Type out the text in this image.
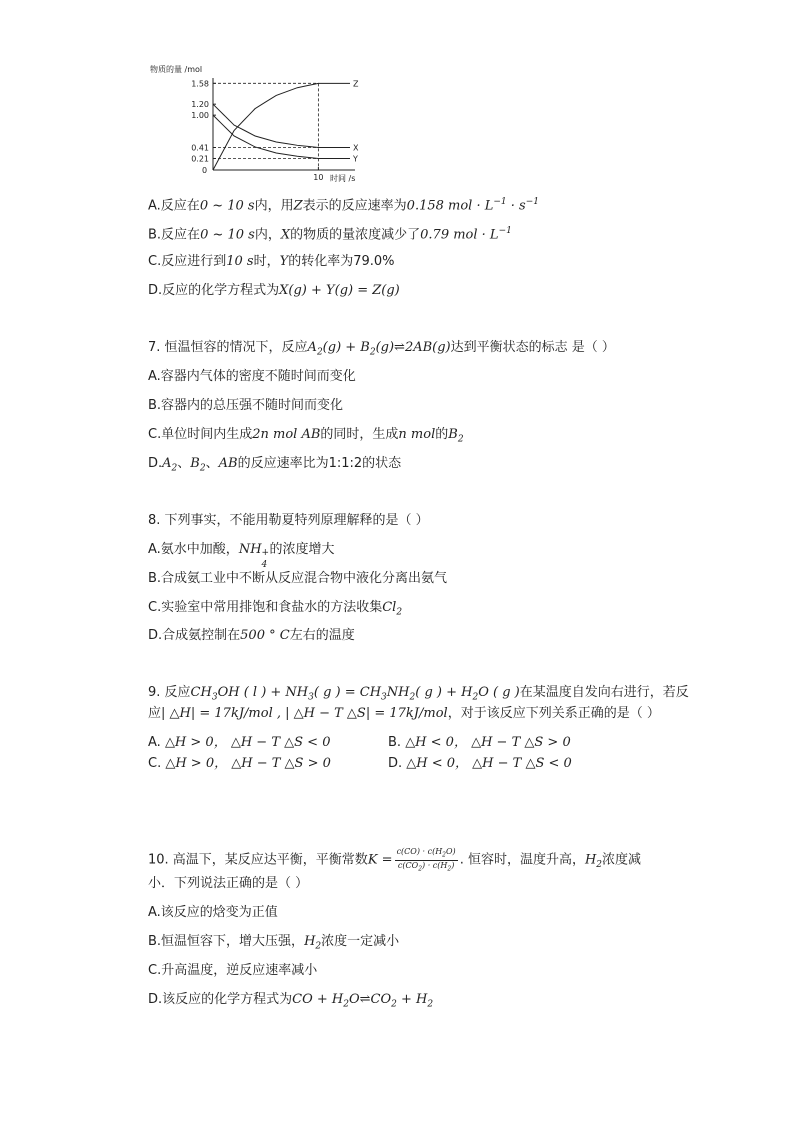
物质的量 /mol
0
时间 /s
1.58
1.20
1.00
0.41
0.21
10
Z
X
Y
A.反应在0 ~ 10 s内，用Z表示的反应速率为0.158 mol · $L^{-1} \cdot s^{-1}$
B.反应在0 ~ 10 s内，X的物质的量浓度减少了0.79 mol · $L^{-1}$
C.反应进行到10 s时，Y的转化率为79.0%
D.反应的化学方程式为X(g) + Y(g) = Z(g)
7. 恒温恒容的情况下，反应$A_2(g)$ + $B_2(g)\rightleftharpoons 2AB(g)$达到平衡状态的标志 是（ ）
A.容器内气体的密度不随时间而变化
B.容器内的总压强不随时间而变化
C.单位时间内生成2n mol AB的同时，生成n mol的$B_2$
$D.A_2$、$B_2$、AB的反应速率比为1:1:2的状态
8. 下列事实，不能用勒夏特列原理解释的是（ ）
A.氨水中加酸，NH +
4
的浓度增大
B.合成氨工业中不断从反应混合物中液化分离出氨气
C.实验室中常用排饱和食盐水的方法收集$Cl_2$
D.合成氨控制在500 ° C左右的温度
9. 反应$CH_3OH$ ( l ) + $NH_3$( g ) = $CH_3NH_2$( g ) + $H_2O$ ( g )在某温度自发向右进行，若反
应| △H| = 17kJ/mol , | △H − T △S| = 17kJ/mol，对于该反应下列关系正确的是（ ）
A. △H > 0， △H − T △S < 0	B. △H < 0， △H − T △S > 0
C. △H > 0， △H − T △S > 0	D. △H < 0， △H − T △S < 0
10. 高温下，某反应达平衡，平衡常数$K = \frac{c(CO) \cdot c(H_2O)}{c(CO_2) \cdot c(H_2)}$ . 恒容时，温度升高，$H_2$浓度减
小．下列说法正确的是（ ）
A.该反应的焓变为正值
B.恒温恒容下，增大压强，$H_2$浓度一定减小
C.升高温度，逆反应速率减小
D.该反应的化学方程式为CO + $H_2O\rightleftharpoons CO_2 + H_2$
